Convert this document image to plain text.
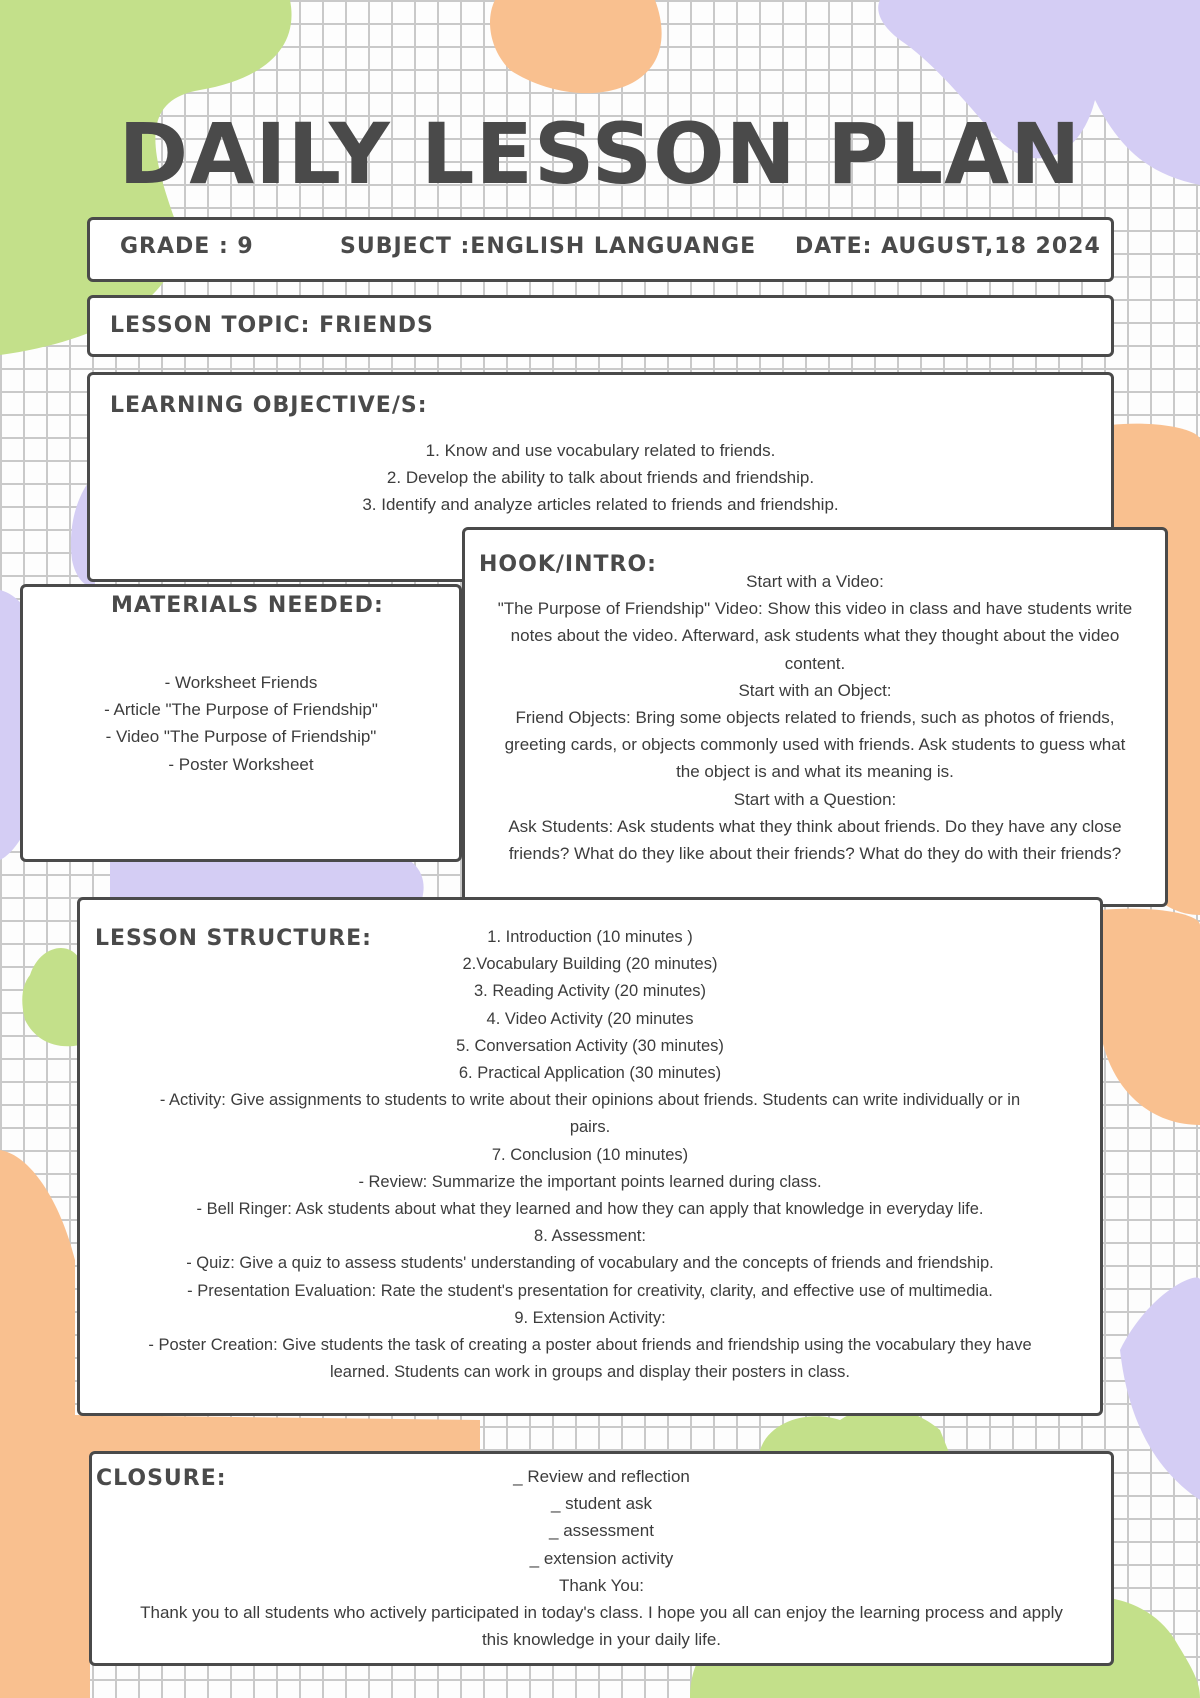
DAILY LESSON PLAN
GRADE : 9	SUBJECT :ENGLISH LANGUANGE DATE: AUGUST,18 2024
LESSON TOPIC: FRIENDS
LEARNING OBJECTIVE/S:
1. Know and use vocabulary related to friends.
2. Develop the ability to talk about friends and friendship.
3. Identify and analyze articles related to friends and friendship.
MATERIALS NEEDED:
- Worksheet Friends
- Article "The Purpose of Friendship"
- Video "The Purpose of Friendship"
- Poster Worksheet
HOOK/INTRO:
Start with a Video:
"The Purpose of Friendship" Video: Show this video in class and have students write
notes about the video. Afterward, ask students what they thought about the video
content.
Start with an Object:
Friend Objects: Bring some objects related to friends, such as photos of friends,
greeting cards, or objects commonly used with friends. Ask students to guess what
the object is and what its meaning is.
Start with a Question:
Ask Students: Ask students what they think about friends. Do they have any close
friends? What do they like about their friends? What do they do with their friends?
LESSON STRUCTURE:	1. Introduction (10 minutes )
2.Vocabulary Building (20 minutes)
3. Reading Activity (20 minutes)
4. Video Activity (20 minutes
5. Conversation Activity (30 minutes)
6. Practical Application (30 minutes)
- Activity: Give assignments to students to write about their opinions about friends. Students can write individually or in
pairs.
7. Conclusion (10 minutes)
- Review: Summarize the important points learned during class.
- Bell Ringer: Ask students about what they learned and how they can apply that knowledge in everyday life.
8. Assessment:
- Quiz: Give a quiz to assess students' understanding of vocabulary and the concepts of friends and friendship.
- Presentation Evaluation: Rate the student's presentation for creativity, clarity, and effective use of multimedia.
9. Extension Activity:
- Poster Creation: Give students the task of creating a poster about friends and friendship using the vocabulary they have
learned. Students can work in groups and display their posters in class.
CLOSURE:	_ Review and reflection
_ student ask
_ assessment
_ extension activity
Thank You:
Thank you to all students who actively participated in today's class. I hope you all can enjoy the learning process and apply
this knowledge in your daily life.
